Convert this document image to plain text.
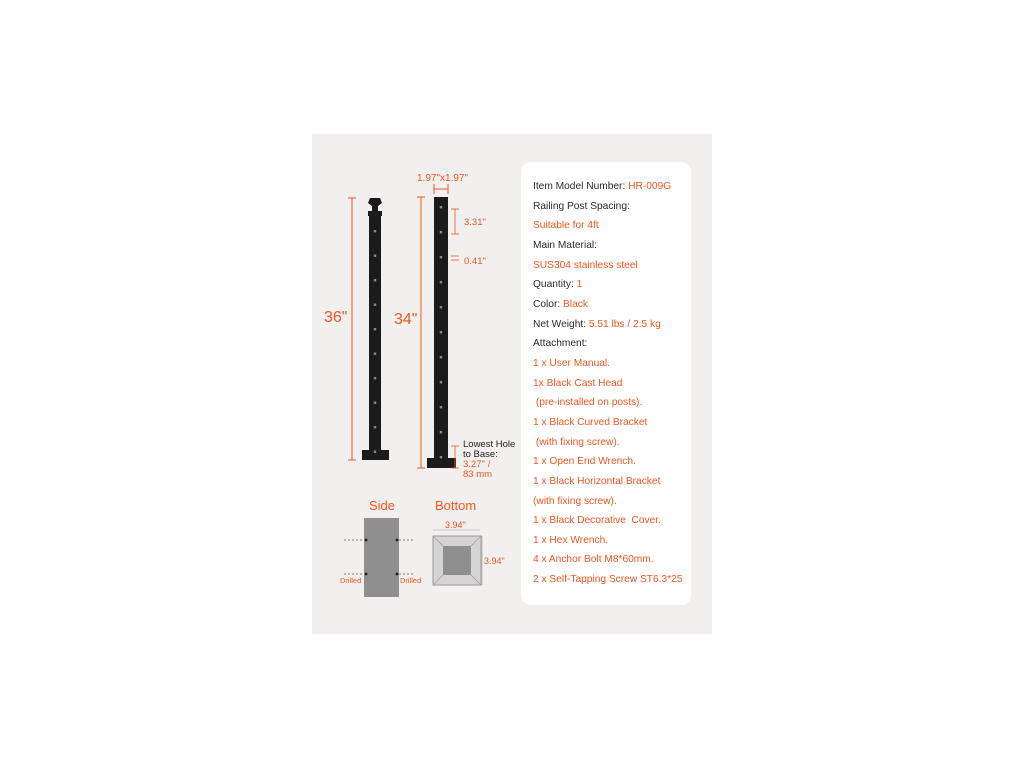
36"	34"
1.97"x1.97"
3.31"
0.41"
Lowest Hole
to Base:
3.27'' /
83 mm
Side
Drilled	Drilled
Bottom
3.94"
3.94"
Item Model Number: HR-009G
Railing Post Spacing:
Suitable for 4ft
Main Material:
SUS304 stainless steel
Quantity: 1
Color: Black
Net Weight: 5.51 lbs / 2.5 kg
Attachment:
1 x User Manual.
1x Black Cast Head
(pre-installed on posts).
1 x Black Curved Bracket
(with fixing screw).
1 x Open End Wrench.
1 x Black Horizontal Bracket
(with fixing screw).
1 x Black Decorative  Cover.
1 x Hex Wrench.
4 x Anchor Bolt M8*60mm.
2 x Self-Tapping Screw ST6.3*25
